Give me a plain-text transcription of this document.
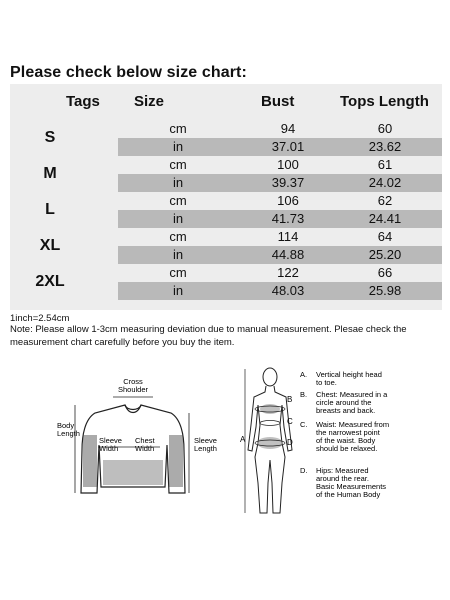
Please check below size chart:
Tags Size	Bust	Tops Length
S
cm	94	60
in	37.01	23.62
M
cm	100	61
in	39.37	24.02
L
cm	106	62
in	41.73	24.41
XL
cm	114	64
in	44.88	25.20
2XL
cm	122	66
in	48.03	25.98
1inch=2.54cm
Note: Please allow 1-3cm measuring deviation due to manual measurement. Plesae check the measurement chart carefully before you buy the item.
Cross Shoulder
Body Length
Sleeve Width
Chest Width
Sleeve Length
A
B
C
D
A. Vertical height head to toe.
B. Chest: Measured in a circle around the breasts and back.
C. Waist: Measured from the narrowest point of the waist. Body should be relaxed.
D. Hips: Measured around the rear. Basic Measurements of the Human Body
